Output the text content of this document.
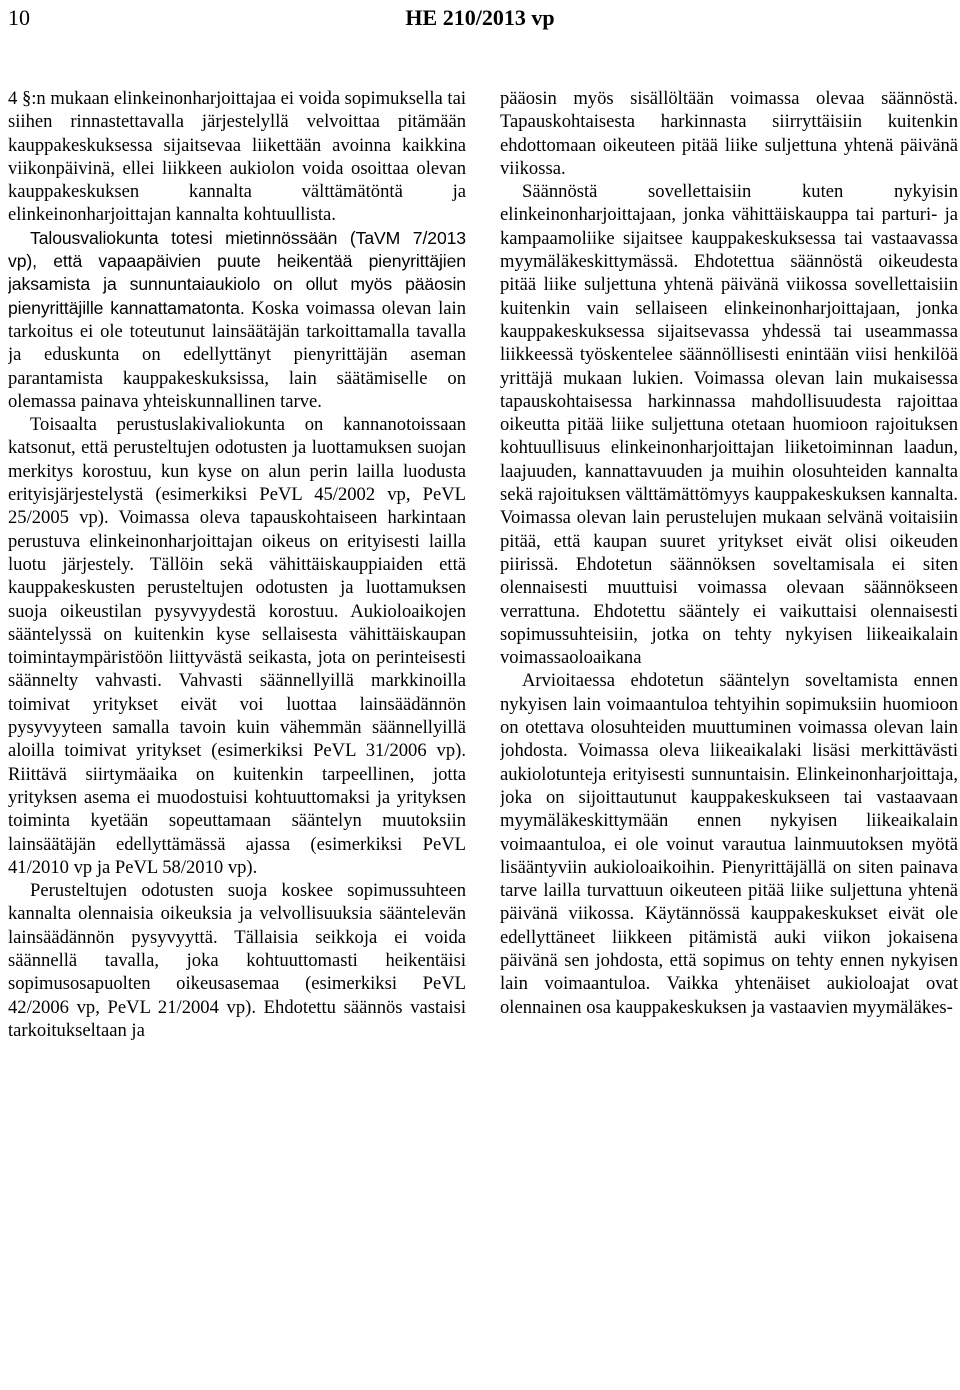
10	HE 210/2013 vp

4 §:n mukaan elinkeinonharjoittajaa ei voida sopimuksella tai siihen rinnastettavalla järjestelyllä velvoittaa pitämään kauppakeskuksessa sijaitsevaa liikettään avoinna kaikkina viikonpäivinä, ellei liikkeen aukiolon voida osoittaa olevan kauppakeskuksen kannalta välttämätöntä ja elinkeinonharjoittajan kannalta kohtuullista.

Talousvaliokunta totesi mietinnössään (TaVM 7/2013 vp), että vapaapäivien puute heikentää pienyrittäjien jaksamista ja sunnuntaiaukiolo on ollut myös pääosin pienyrittäjille kannattamatonta. Koska voimassa olevan lain tarkoitus ei ole toteutunut lainsäätäjän tarkoittamalla tavalla ja eduskunta on edellyttänyt pienyrittäjän aseman parantamista kauppakeskuksissa, lain säätämiselle on olemassa painava yhteiskunnallinen tarve.

Toisaalta perustuslakivaliokunta on kannanotoissaan katsonut, että perusteltujen odotusten ja luottamuksen suojan merkitys korostuu, kun kyse on alun perin lailla luodusta erityisjärjestelystä (esimerkiksi PeVL 45/2002 vp, PeVL 25/2005 vp). Voimassa oleva tapauskohtaiseen harkintaan perustuva elinkeinonharjoittajan oikeus on erityisesti lailla luotu järjestely. Tällöin sekä vähittäiskauppiaiden että kauppakeskusten perusteltujen odotusten ja luottamuksen suoja oikeustilan pysyvyydestä korostuu. Aukioloaikojen sääntelyssä on kuitenkin kyse sellaisesta vähittäiskaupan toimintaympäristöön liittyvästä seikasta, jota on perinteisesti säännelty vahvasti. Vahvasti säännellyillä markkinoilla toimivat yritykset eivät voi luottaa lainsäädännön pysyvyyteen samalla tavoin kuin vähemmän säännellyillä aloilla toimivat yritykset (esimerkiksi PeVL 31/2006 vp). Riittävä siirtymäaika on kuitenkin tarpeellinen, jotta yrityksen asema ei muodostuisi kohtuuttomaksi ja yrityksen toiminta kyetään sopeuttamaan sääntelyn muutoksiin lainsäätäjän edellyttämässä ajassa (esimerkiksi PeVL 41/2010 vp ja PeVL 58/2010 vp).

Perusteltujen odotusten suoja koskee sopimussuhteen kannalta olennaisia oikeuksia ja velvollisuuksia sääntelevän lainsäädännön pysyvyyttä. Tällaisia seikkoja ei voida säännellä tavalla, joka kohtuuttomasti heikentäisi sopimusosapuolten oikeusasemaa (esimerkiksi PeVL 42/2006 vp, PeVL 21/2004 vp). Ehdotettu säännös vastaisi tarkoitukseltaan ja

pääosin myös sisällöltään voimassa olevaa säännöstä. Tapauskohtaisesta harkinnasta siirryttäisiin kuitenkin ehdottomaan oikeuteen pitää liike suljettuna yhtenä päivänä viikossa.

Säännöstä sovellettaisiin kuten nykyisin elinkeinonharjoittajaan, jonka vähittäiskauppa tai parturi- ja kampaamoliike sijaitsee kauppakeskuksessa tai vastaavassa myymäläkeskittymässä. Ehdotettua säännöstä oikeudesta pitää liike suljettuna yhtenä päivänä viikossa sovellettaisiin kuitenkin vain sellaiseen elinkeinonharjoittajaan, jonka kauppakeskuksessa sijaitsevassa yhdessä tai useammassa liikkeessä työskentelee säännöllisesti enintään viisi henkilöä yrittäjä mukaan lukien. Voimassa olevan lain mukaisessa tapauskohtaisessa harkinnassa mahdollisuudesta rajoittaa oikeutta pitää liike suljettuna otetaan huomioon rajoituksen kohtuullisuus elinkeinonharjoittajan liiketoiminnan laadun, laajuuden, kannattavuuden ja muihin olosuhteiden kannalta sekä rajoituksen välttämättömyys kauppakeskuksen kannalta. Voimassa olevan lain perustelujen mukaan selvänä voitaisiin pitää, että kaupan suuret yritykset eivät olisi oikeuden piirissä. Ehdotetun säännöksen soveltamisala ei siten olennaisesti muuttuisi voimassa olevaan säännökseen verrattuna. Ehdotettu sääntely ei vaikuttaisi olennaisesti sopimussuhteisiin, jotka on tehty nykyisen liikeaikalain voimassaoloaikana

Arvioitaessa ehdotetun sääntelyn soveltamista ennen nykyisen lain voimaantuloa tehtyihin sopimuksiin huomioon on otettava olosuhteiden muuttuminen voimassa olevan lain johdosta. Voimassa oleva liikeaikalaki lisäsi merkittävästi aukiolotunteja erityisesti sunnuntaisin. Elinkeinonharjoittaja, joka on sijoittautunut kauppakeskukseen tai vastaavaan myymäläkeskittymään ennen nykyisen liikeaikalain voimaantuloa, ei ole voinut varautua lainmuutoksen myötä lisääntyviin aukioloaikoihin. Pienyrittäjällä on siten painava tarve lailla turvattuun oikeuteen pitää liike suljettuna yhtenä päivänä viikossa. Käytännössä kauppakeskukset eivät ole edellyttäneet liikkeen pitämistä auki viikon jokaisena päivänä sen johdosta, että sopimus on tehty ennen nykyisen lain voimaantuloa. Vaikka yhtenäiset aukioloajat ovat olennainen osa kauppakeskuksen ja vastaavien myymäläkes-
